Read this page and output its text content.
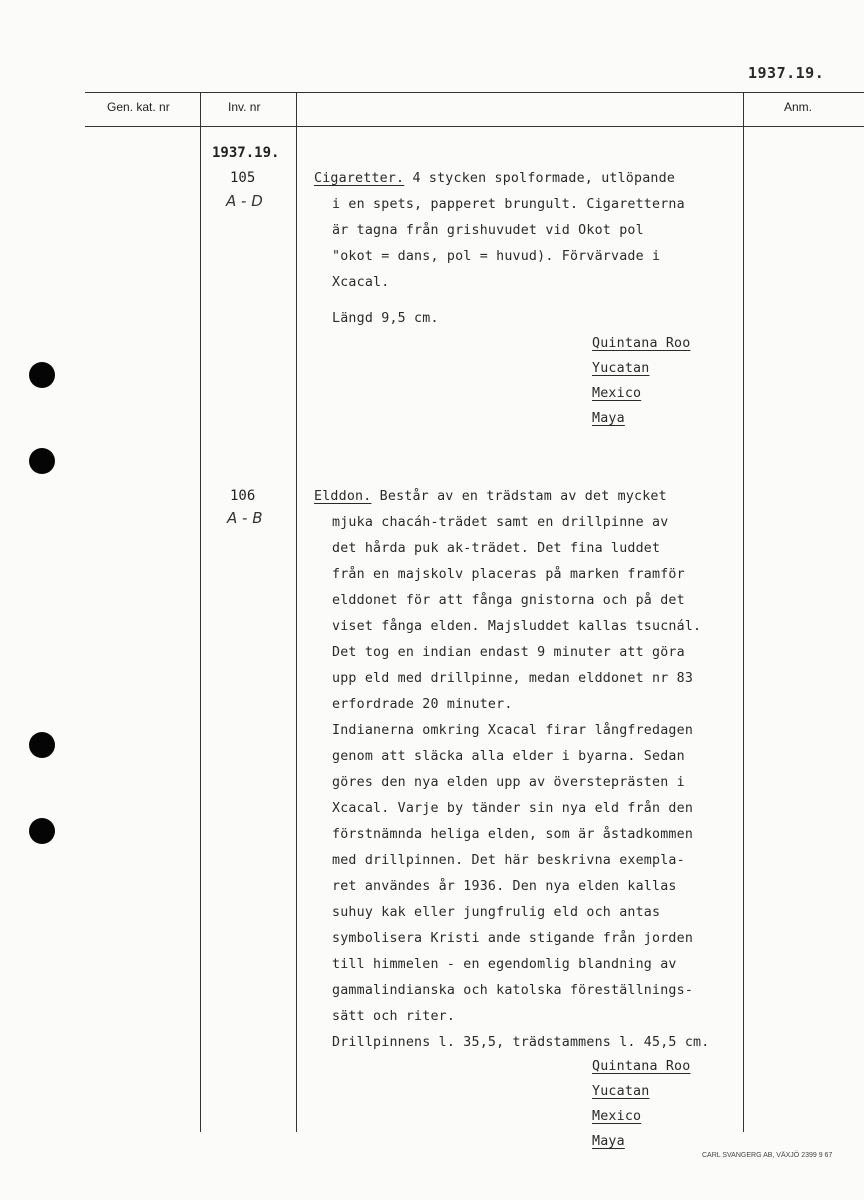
1937.19.
Gen. kat. nr	Inv. nr	Anm.
1937.19.
105
A - D
Cigaretter. 4 stycken spolformade, utlöpande
i en spets, papperet brungult. Cigaretterna
är tagna från grishuvudet vid Okot pol
"okot = dans, pol = huvud). Förvärvade i
Xcacal.
Längd 9,5 cm.
Quintana Roo
Yucatan
Mexico
Maya
106
A - B
Elddon. Består av en trädstam av det mycket
mjuka chacáh-trädet samt en drillpinne av
det hårda puk ak-trädet. Det fina luddet
från en majskolv placeras på marken framför
elddonet för att fånga gnistorna och på det
viset fånga elden. Majsluddet kallas tsucnál.
Det tog en indian endast 9 minuter att göra
upp eld med drillpinne, medan elddonet nr 83
erfordrade 20 minuter.
Indianerna omkring Xcacal firar långfredagen
genom att släcka alla elder i byarna. Sedan
göres den nya elden upp av översteprästen i
Xcacal. Varje by tänder sin nya eld från den
förstnämnda heliga elden, som är åstadkommen
med drillpinnen. Det här beskrivna exempla-
ret användes år 1936. Den nya elden kallas
suhuy kak eller jungfrulig eld och antas
symbolisera Kristi ande stigande från jorden
till himmelen - en egendomlig blandning av
gammalindianska och katolska föreställnings-
sätt och riter.
Drillpinnens l. 35,5, trädstammens l. 45,5 cm.
Quintana Roo
Yucatan
Mexico
Maya
CARL SVANGERG AB, VÄXJÖ 2399 9 67
